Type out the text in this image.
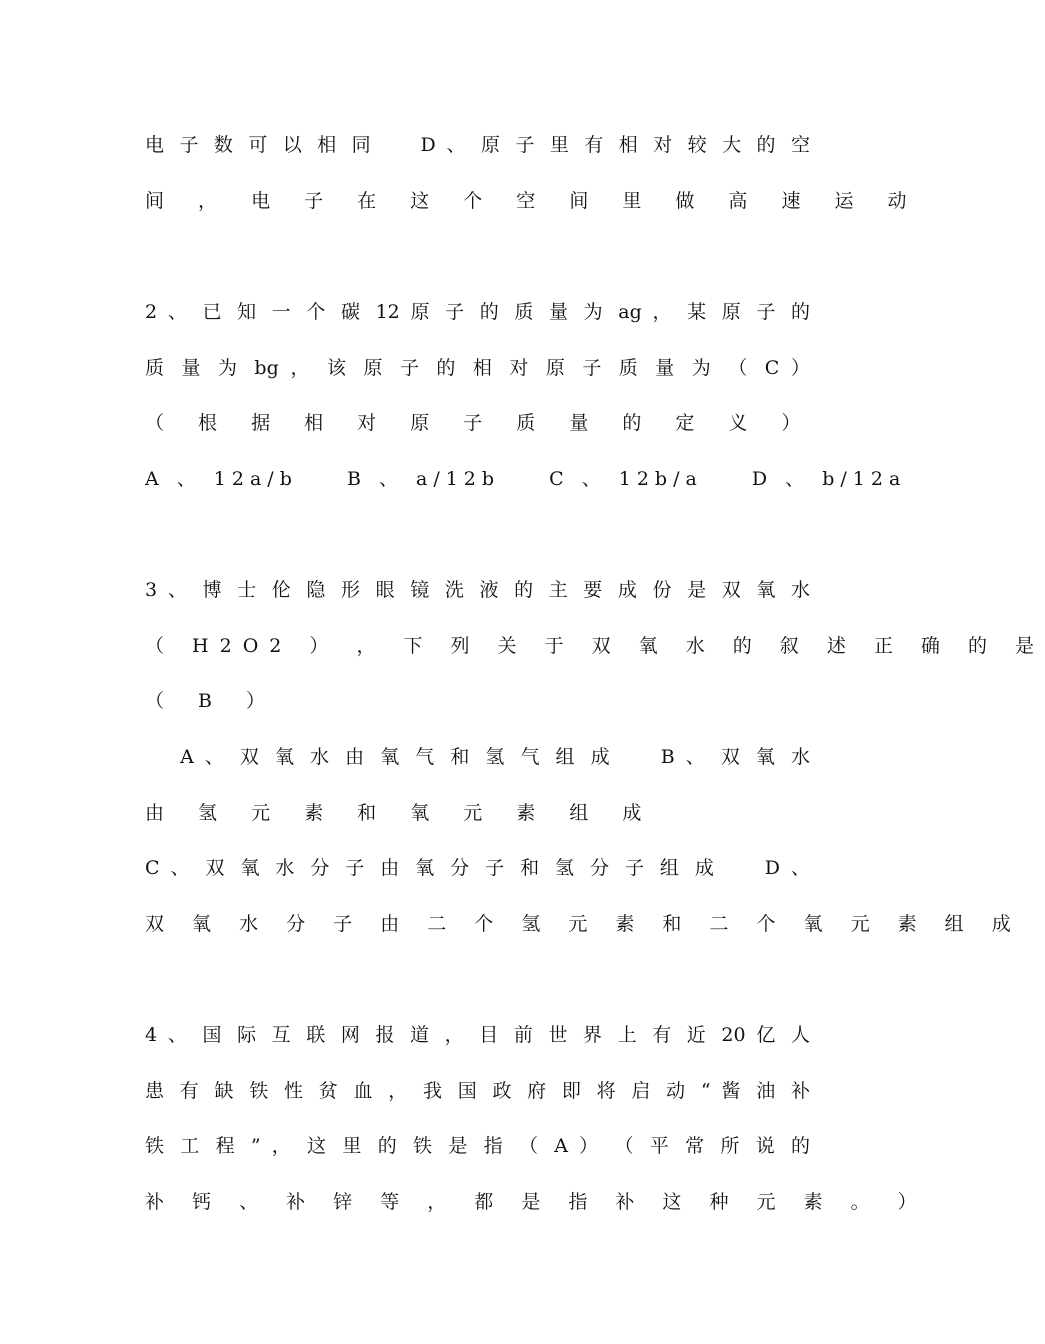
电 子 数 可 以 相 同 　 D 、 原 子 里 有 相 对 较 大 的 空
间 ， 电 子 在 这 个 空 间 里 做 高 速 运 动
2 、 已 知 一 个 碳 12 原 子 的 质 量 为 ag ， 某 原 子 的
质 量 为 bg ， 该 原 子 的 相 对 原 子 质 量 为 （ C ）
（ 根 据 相 对 原 子 质 量 的 定 义 ）
A 、 12a/b 　 B 、 a/12b 　 C 、 12b/a 　 D 、 b/12a
3 、 博 士 伦 隐 形 眼 镜 洗 液 的 主 要 成 份 是 双 氧 水
（ H2O2 ） ， 下 列 关 于 双 氧 水 的 叙 述 正 确 的 是
（ B ）
　 A 、 双 氧 水 由 氧 气 和 氢 气 组 成 　 B 、 双 氧 水
由 氢 元 素 和 氧 元 素 组 成
C 、 双 氧 水 分 子 由 氧 分 子 和 氢 分 子 组 成 　 D 、
双 氧 水 分 子 由 二 个 氢 元 素 和 二 个 氧 元 素 组 成
4 、 国 际 互 联 网 报 道 ， 目 前 世 界 上 有 近 20 亿 人
患 有 缺 铁 性 贫 血 ， 我 国 政 府 即 将 启 动 “ 酱 油 补
铁 工 程 ” ， 这 里 的 铁 是 指 （ A ） （ 平 常 所 说 的
补 钙 、 补 锌 等 ， 都 是 指 补 这 种 元 素 。 ）
